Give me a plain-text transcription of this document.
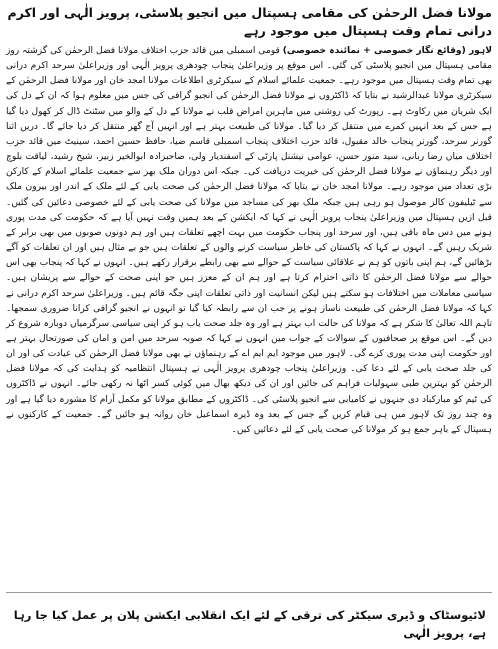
مولانا فضل الرحمٰن کی مقامی ہسپتال میں انجیو پلاسٹی، پرویز الٰہی اور اکرم درانی تمام وقت ہسپتال میں موجود رہے

لاہور (وقائع نگار خصوصی + نمائندہ خصوصی) قومی اسمبلی میں قائد حزب اختلاف مولانا فضل الرحمٰن کی گزشتہ روز مقامی ہسپتال میں انجیو پلاسٹی کی گئی۔ اس موقع پر وزیراعلیٰ پنجاب چودھری پرویز الٰہی اور وزیراعلیٰ سرحد اکرم درانی بھی تمام وقت ہسپتال میں موجود رہے۔ جمعیت علمائے اسلام کے سیکرٹری اطلاعات مولانا امجد خان اور مولانا فضل الرحمٰن کے سیکرٹری مولانا عبدالرشید نے بتایا کہ ڈاکٹروں نے مولانا فضل الرحمٰن کی انجیو گرافی کی جس میں معلوم ہوا کہ ان کے دل کی ایک شریان میں رکاوٹ ہے۔ رپورٹ کی روشنی میں ماہرین امراض قلب نے مولانا کے دل کے والو میں سٹنٹ ڈال کر کھول دیا گیا ہے جس کے بعد انہیں کمرے میں منتقل کر دیا گیا۔ مولانا کی طبیعت بہتر ہے اور انہیں آج گھر منتقل کر دیا جائے گا۔ دریں اثنا گورنر سرحد، گورنر پنجاب خالد مقبول، قائد حزب اختلاف پنجاب اسمبلی قاسم ضیا، حافظ حسین احمد، سینیٹ میں قائد حزب اختلاف میاں رضا ربانی، سید منور حسن، عوامی نیشنل پارٹی کے اسفندیار ولی، صاحبزادہ ابوالخیر زبیر، شیخ رشید، لیاقت بلوچ اور دیگر رہنماؤں نے مولانا فضل الرحمٰن کی خیریت دریافت کی۔ جبکہ اس دوران ملک بھر سے جمعیت علمائے اسلام کے کارکن بڑی تعداد میں موجود رہے۔ مولانا امجد خان نے بتایا کہ مولانا فضل الرحمٰن کی صحت یابی کے لئے ملک کے اندر اور بیرون ملک سے ٹیلیفون کالز موصول ہو رہی ہیں جبکہ ملک بھر کی مساجد میں مولانا کی صحت یابی کے لئے خصوصی دعائیں کی گئیں۔ قبل ازیں ہسپتال میں وزیراعلیٰ پنجاب پرویز الٰہی نے کہا کہ ایکشن کے بعد ہمیں وقت نہیں آیا ہے کہ حکومت کی مدت پوری ہونے میں دس ماہ باقی ہیں، اور سرحد اور پنجاب حکومت میں بہت اچھے تعلقات ہیں اور ہم دونوں صوبوں میں بھی برابر کے شریک رہیں گے۔ انہوں نے کہا کہ پاکستان کی خاطر سیاست کرنے والوں کے تعلقات ہیں جو بے مثال ہیں اور ان تعلقات کو آگے بڑھائیں گے، ہم اپنی باتوں کو ہم نے علاقائی سیاست کے حوالے سے بھی رابطے برقرار رکھے ہیں۔ انہوں نے کہا کہ پنجاب بھی اس حوالے سے مولانا فضل الرحمٰن کا ذاتی احترام کرتا ہے اور ہم ان کے معزز ہیں جو اپنی صحت کے حوالے سے پریشان ہیں۔ سیاسی معاملات میں اختلافات ہو سکتے ہیں لیکن انسانیت اور ذاتی تعلقات اپنی جگہ قائم ہیں۔ وزیراعلیٰ سرحد اکرم درانی نے کہا کہ مولانا فضل الرحمٰن کی طبیعت ناساز ہونے پر جب ان سے رابطہ کیا گیا تو انہوں نے انجیو گرافی کرانا ضروری سمجھا۔ تاہم اللہ تعالیٰ کا شکر ہے کہ مولانا کی حالت اب بہتر ہے اور وہ جلد صحت یاب ہو کر اپنی سیاسی سرگرمیاں دوبارہ شروع کر دیں گے۔ اس موقع پر صحافیوں کے سوالات کے جواب میں انہوں نے کہا کہ صوبہ سرحد میں امن و امان کی صورتحال بہتر ہے اور حکومت اپنی مدت پوری کرے گی۔ لاہور میں موجود ایم ایم اے کے رہنماؤں نے بھی مولانا فضل الرحمٰن کی عیادت کی اور ان کی جلد صحت یابی کے لئے دعا کی۔ وزیراعلیٰ پنجاب چودھری پرویز الٰہی نے ہسپتال انتظامیہ کو ہدایت کی کہ مولانا فضل الرحمٰن کو بہترین طبی سہولیات فراہم کی جائیں اور ان کی دیکھ بھال میں کوئی کسر اٹھا نہ رکھی جائے۔ انہوں نے ڈاکٹروں کی ٹیم کو مبارکباد دی جنہوں نے کامیابی سے انجیو پلاسٹی کی۔ ڈاکٹروں کے مطابق مولانا کو مکمل آرام کا مشورہ دیا گیا ہے اور وہ چند روز تک لاہور میں ہی قیام کریں گے جس کے بعد وہ ڈیرہ اسماعیل خان روانہ ہو جائیں گے۔ جمعیت کے کارکنوں نے ہسپتال کے باہر جمع ہو کر مولانا کی صحت یابی کے لئے دعائیں کیں۔

لائیوسٹاک و ڈیری سیکٹر کی ترقی کے لئے ایک انقلابی ایکشن پلان پر عمل کیا جا رہا ہے، پرویز الٰہی
